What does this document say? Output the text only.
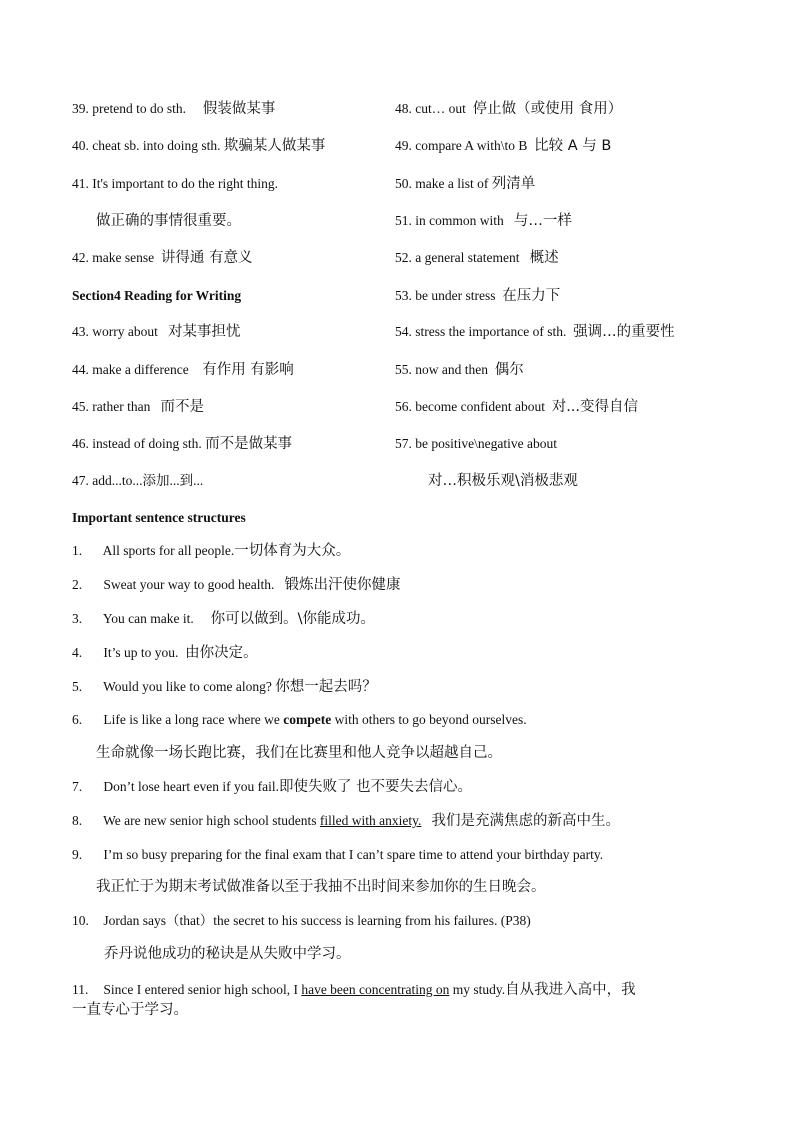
39. pretend to do sth. 假装做某事
40. cheat sb. into doing sth. 欺骗某人做某事
41. It's important to do the right thing.
做正确的事情很重要。
42. make sense 讲得通 有意义
Section4 Reading for Writing
43. worry about 对某事担忧
44. make a difference 有作用 有影响
45. rather than 而不是
46. instead of doing sth. 而不是做某事
47. add...to...添加...到...
48. cut… out 停止做（或使用 食用）
49. compare A with\to B 比较 A 与 B
50. make a list of 列清单
51. in common with 与…一样
52. a general statement 概述
53. be under stress 在压力下
54. stress the importance of sth. 强调…的重要性
55. now and then 偶尔
56. become confident about 对...变得自信
57. be positive\negative about
对…积极乐观\消极悲观
Important sentence structures
1. All sports for all people.一切体育为大众。
2. Sweat your way to good health. 锻炼出汗使你健康
3. You can make it. 你可以做到。\你能成功。
4. It’s up to you. 由你决定。
5. Would you like to come along? 你想一起去吗？
6. Life is like a long race where we compete with others to go beyond ourselves.
生命就像一场长跑比赛，我们在比赛里和他人竞争以超越自己。
7. Don’t lose heart even if you fail.即使失败了 也不要失去信心。
8. We are new senior high school students filled with anxiety. 我们是充满焦虑的新高中生。
9. I’m so busy preparing for the final exam that I can’t spare time to attend your birthday party.
我正忙于为期末考试做准备以至于我抽不出时间来参加你的生日晚会。
10. Jordan says（that）the secret to his success is learning from his failures. (P38)
乔丹说他成功的秘诀是从失败中学习。
11. Since I entered senior high school, I have been concentrating on my study.自从我进入高中，我
一直专心于学习。
